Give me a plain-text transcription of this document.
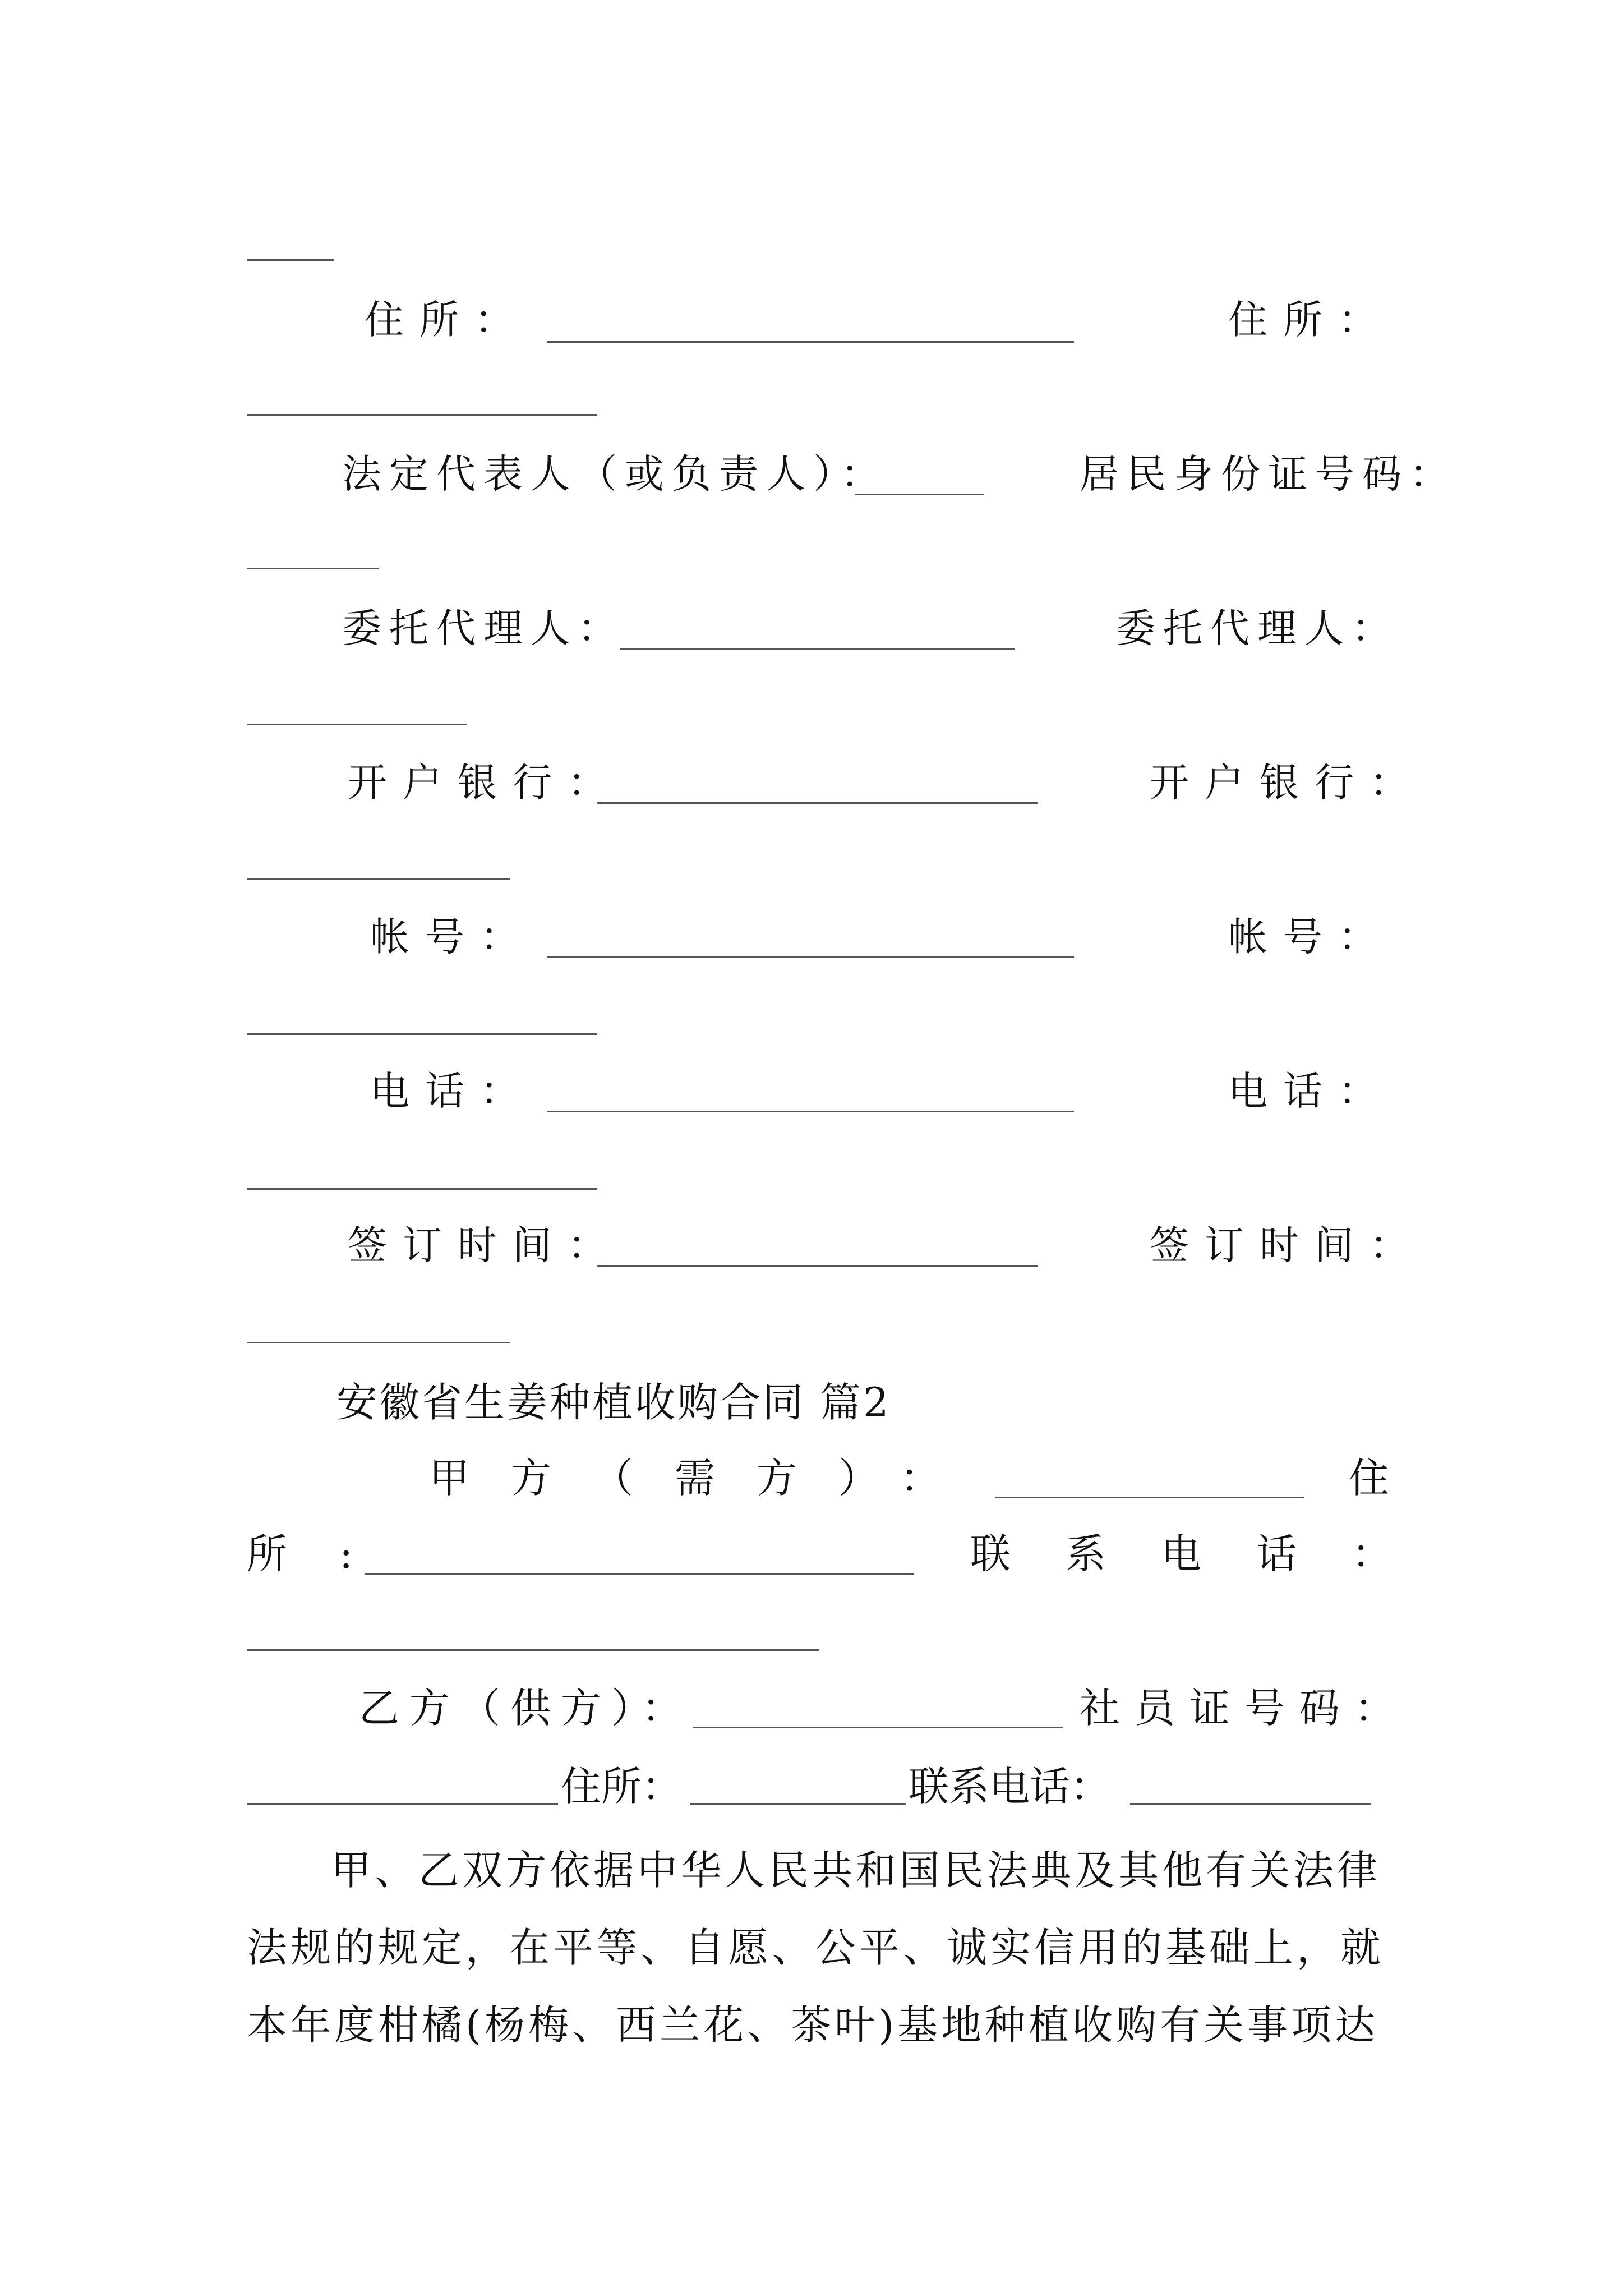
住所：	住所：
法定代表人（或负责人）：	居民身份证号码：
委托代理人：	委托代理人：
开户银行：	开户银行：
帐号：	帐号：
电话：	电话：
签订时间：	签订时间：
安徽省生姜种植收购合同 篇2
甲方（需方）：	住
所 :	联系电话：
乙方（供方）：	社员证号码：
住所：	联系电话：
甲、乙双方依据中华人民共和国民法典及其他有关法律法规的规定，在平等、自愿、公平、诚实信用的基础上，就本年度柑橘(杨梅、西兰花、茶叶)基地种植收购有关事项达
